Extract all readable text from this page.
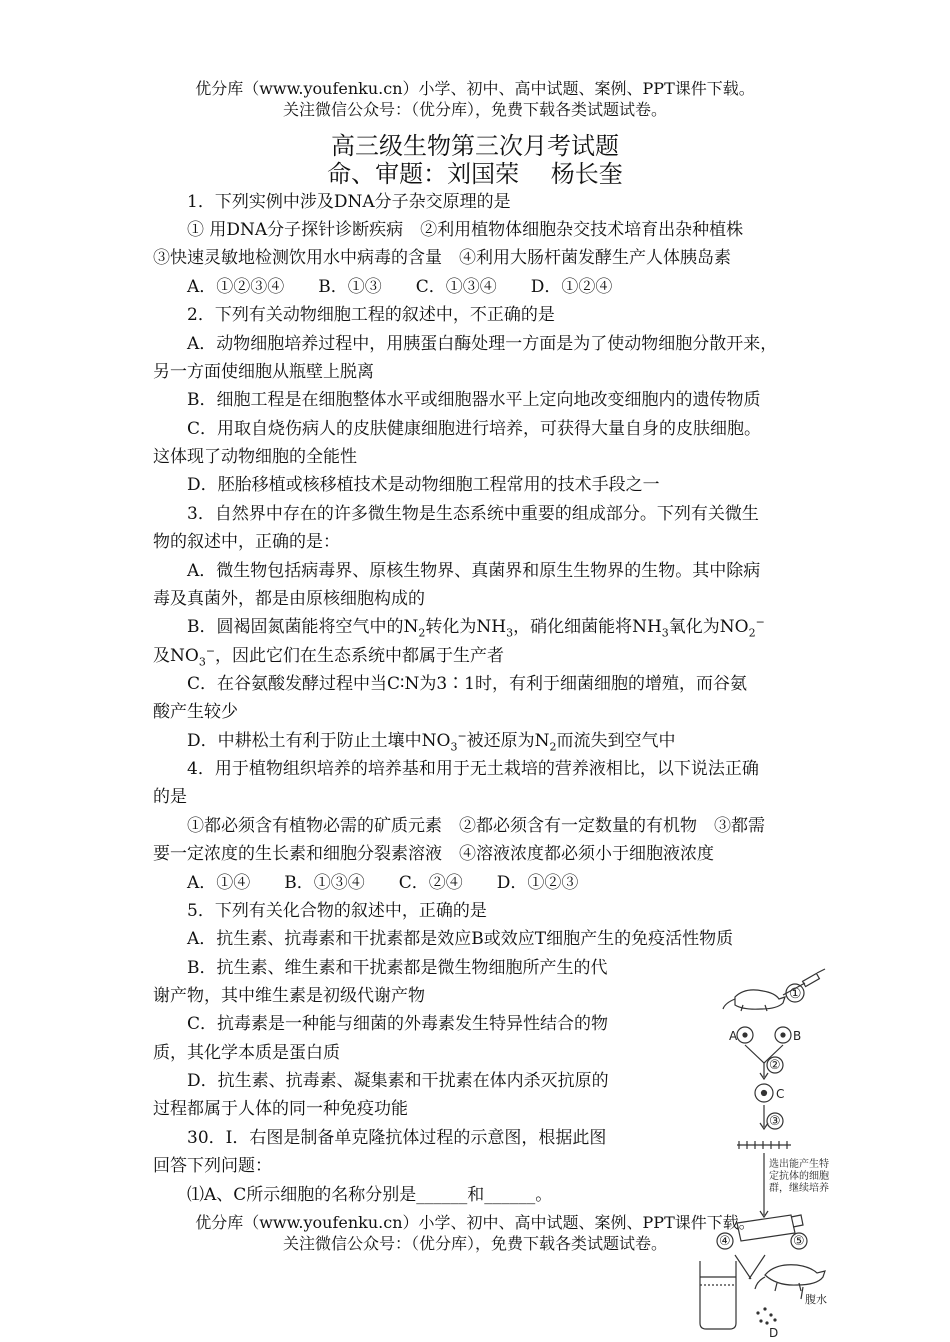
优分库（www.youfenku.cn）小学、初中、高中试题、案例、PPT课件下载。
关注微信公众号：（优分库），免费下载各类试题试卷。
高三级生物第三次月考试题
命、审题：刘国荣　 杨长奎
1．下列实例中涉及DNA分子杂交原理的是
① 用DNA分子探针诊断疾病　②利用植物体细胞杂交技术培育出杂种植株
③快速灵敏地检测饮用水中病毒的含量　④利用大肠杆菌发酵生产人体胰岛素
A．①②③④　　B．①③　　C．①③④　　D．①②④
2．下列有关动物细胞工程的叙述中，不正确的是
A．动物细胞培养过程中，用胰蛋白酶处理一方面是为了使动物细胞分散开来，
另一方面使细胞从瓶壁上脱离
B．细胞工程是在细胞整体水平或细胞器水平上定向地改变细胞内的遗传物质
C．用取自烧伤病人的皮肤健康细胞进行培养，可获得大量自身的皮肤细胞。
这体现了动物细胞的全能性
D．胚胎移植或核移植技术是动物细胞工程常用的技术手段之一
3．自然界中存在的许多微生物是生态系统中重要的组成部分。下列有关微生
物的叙述中，正确的是：
A．微生物包括病毒界、原核生物界、真菌界和原生生物界的生物。其中除病
毒及真菌外，都是由原核细胞构成的
B．圆褐固氮菌能将空气中的$N_2$转化为$NH_3$，硝化细菌能将$NH_3$氧化为$NO_2^-$
及$NO_3^-$，因此它们在生态系统中都属于生产者
C．在谷氨酸发酵过程中当C∶N为3∶1时，有利于细菌细胞的增殖，而谷氨
酸产生较少
D．中耕松土有利于防止土壤中$NO_3^-$被还原为$N_2$而流失到空气中
4．用于植物组织培养的培养基和用于无土栽培的营养液相比，以下说法正确
的是
①都必须含有植物必需的矿质元素　②都必须含有一定数量的有机物　③都需
要一定浓度的生长素和细胞分裂素溶液　④溶液浓度都必须小于细胞液浓度
A．①④　　B．①③④　　C．②④　　D．①②③
5．下列有关化合物的叙述中，正确的是
A．抗生素、抗毒素和干扰素都是效应B或效应T细胞产生的免疫活性物质
B．抗生素、维生素和干扰素都是微生物细胞所产生的代
谢产物，其中维生素是初级代谢产物
C．抗毒素是一种能与细菌的外毒素发生特异性结合的物
质，其化学本质是蛋白质
D．抗生素、抗毒素、凝集素和干扰素在体内杀灭抗原的
过程都属于人体的同一种免疫功能
30．I．右图是制备单克隆抗体过程的示意图，根据此图
回答下列问题：
⑴A、C所示细胞的名称分别是______和______。
优分库（www.youfenku.cn）小学、初中、高中试题、案例、PPT课件下载。
关注微信公众号：（优分库），免费下载各类试题试卷。
①
A	B
②
C
③
选出能产生特
定抗体的细胞
群，继续培养
④	⑤
腹水
D
